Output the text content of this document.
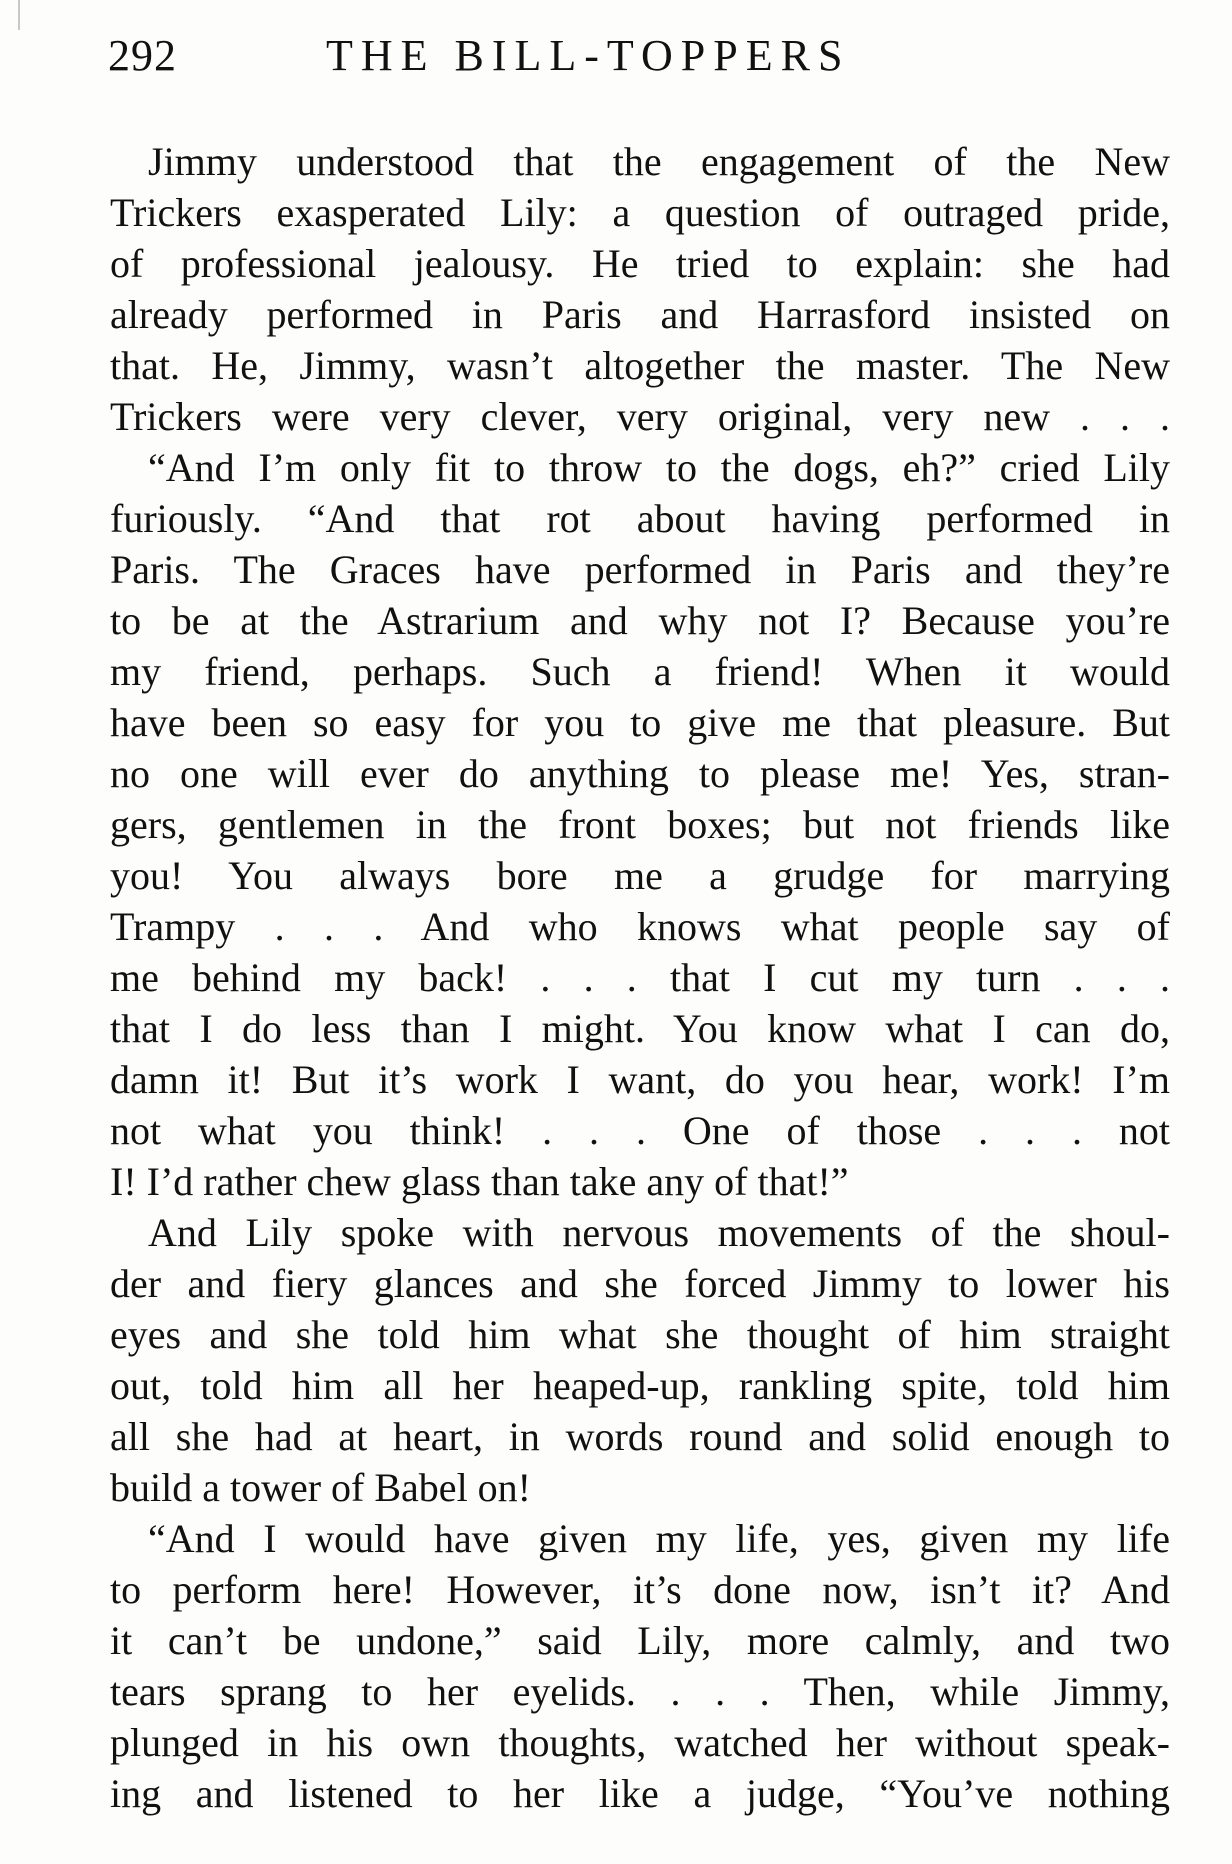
292	THE BILL-TOPPERS
Jimmy understood that the engagement of the New
Trickers exasperated Lily: a question of outraged pride,
of professional jealousy. He tried to explain: she had
already performed in Paris and Harrasford insisted on
that. He, Jimmy, wasn’t altogether the master. The New
Trickers were very clever, very original, very new . . .
“And I’m only fit to throw to the dogs, eh?” cried Lily
furiously. “And that rot about having performed in
Paris. The Graces have performed in Paris and they’re
to be at the Astrarium and why not I? Because you’re
my friend, perhaps. Such a friend! When it would
have been so easy for you to give me that pleasure. But
no one will ever do anything to please me! Yes, stran-
gers, gentlemen in the front boxes; but not friends like
you! You always bore me a grudge for marrying
Trampy . . . And who knows what people say of
me behind my back! . . . that I cut my turn . . .
that I do less than I might. You know what I can do,
damn it! But it’s work I want, do you hear, work! I’m
not what you think! . . . One of those . . . not
I! I’d rather chew glass than take any of that!”
And Lily spoke with nervous movements of the shoul-
der and fiery glances and she forced Jimmy to lower his
eyes and she told him what she thought of him straight
out, told him all her heaped-up, rankling spite, told him
all she had at heart, in words round and solid enough to
build a tower of Babel on!
“And I would have given my life, yes, given my life
to perform here! However, it’s done now, isn’t it? And
it can’t be undone,” said Lily, more calmly, and two
tears sprang to her eyelids. . . . Then, while Jimmy,
plunged in his own thoughts, watched her without speak-
ing and listened to her like a judge, “You’ve nothing
